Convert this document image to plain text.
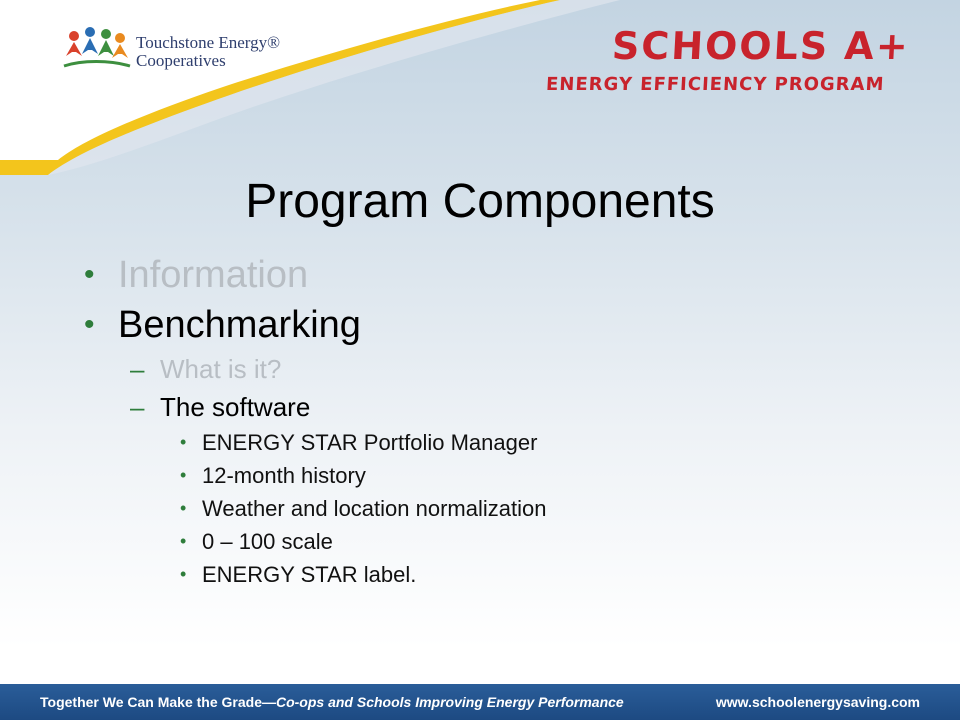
Touchstone Energy®
Cooperatives	SCHOOLS A+
ENERGY EFFICIENCY PROGRAM
Program Components
• Information
• Benchmarking
– What is it?
– The software
• ENERGY STAR Portfolio Manager
• 12-month history
• Weather and location normalization
• 0 – 100 scale
• ENERGY STAR label.
Together We Can Make the Grade—Co-ops and Schools Improving Energy Performance	www.schoolenergysaving.com
